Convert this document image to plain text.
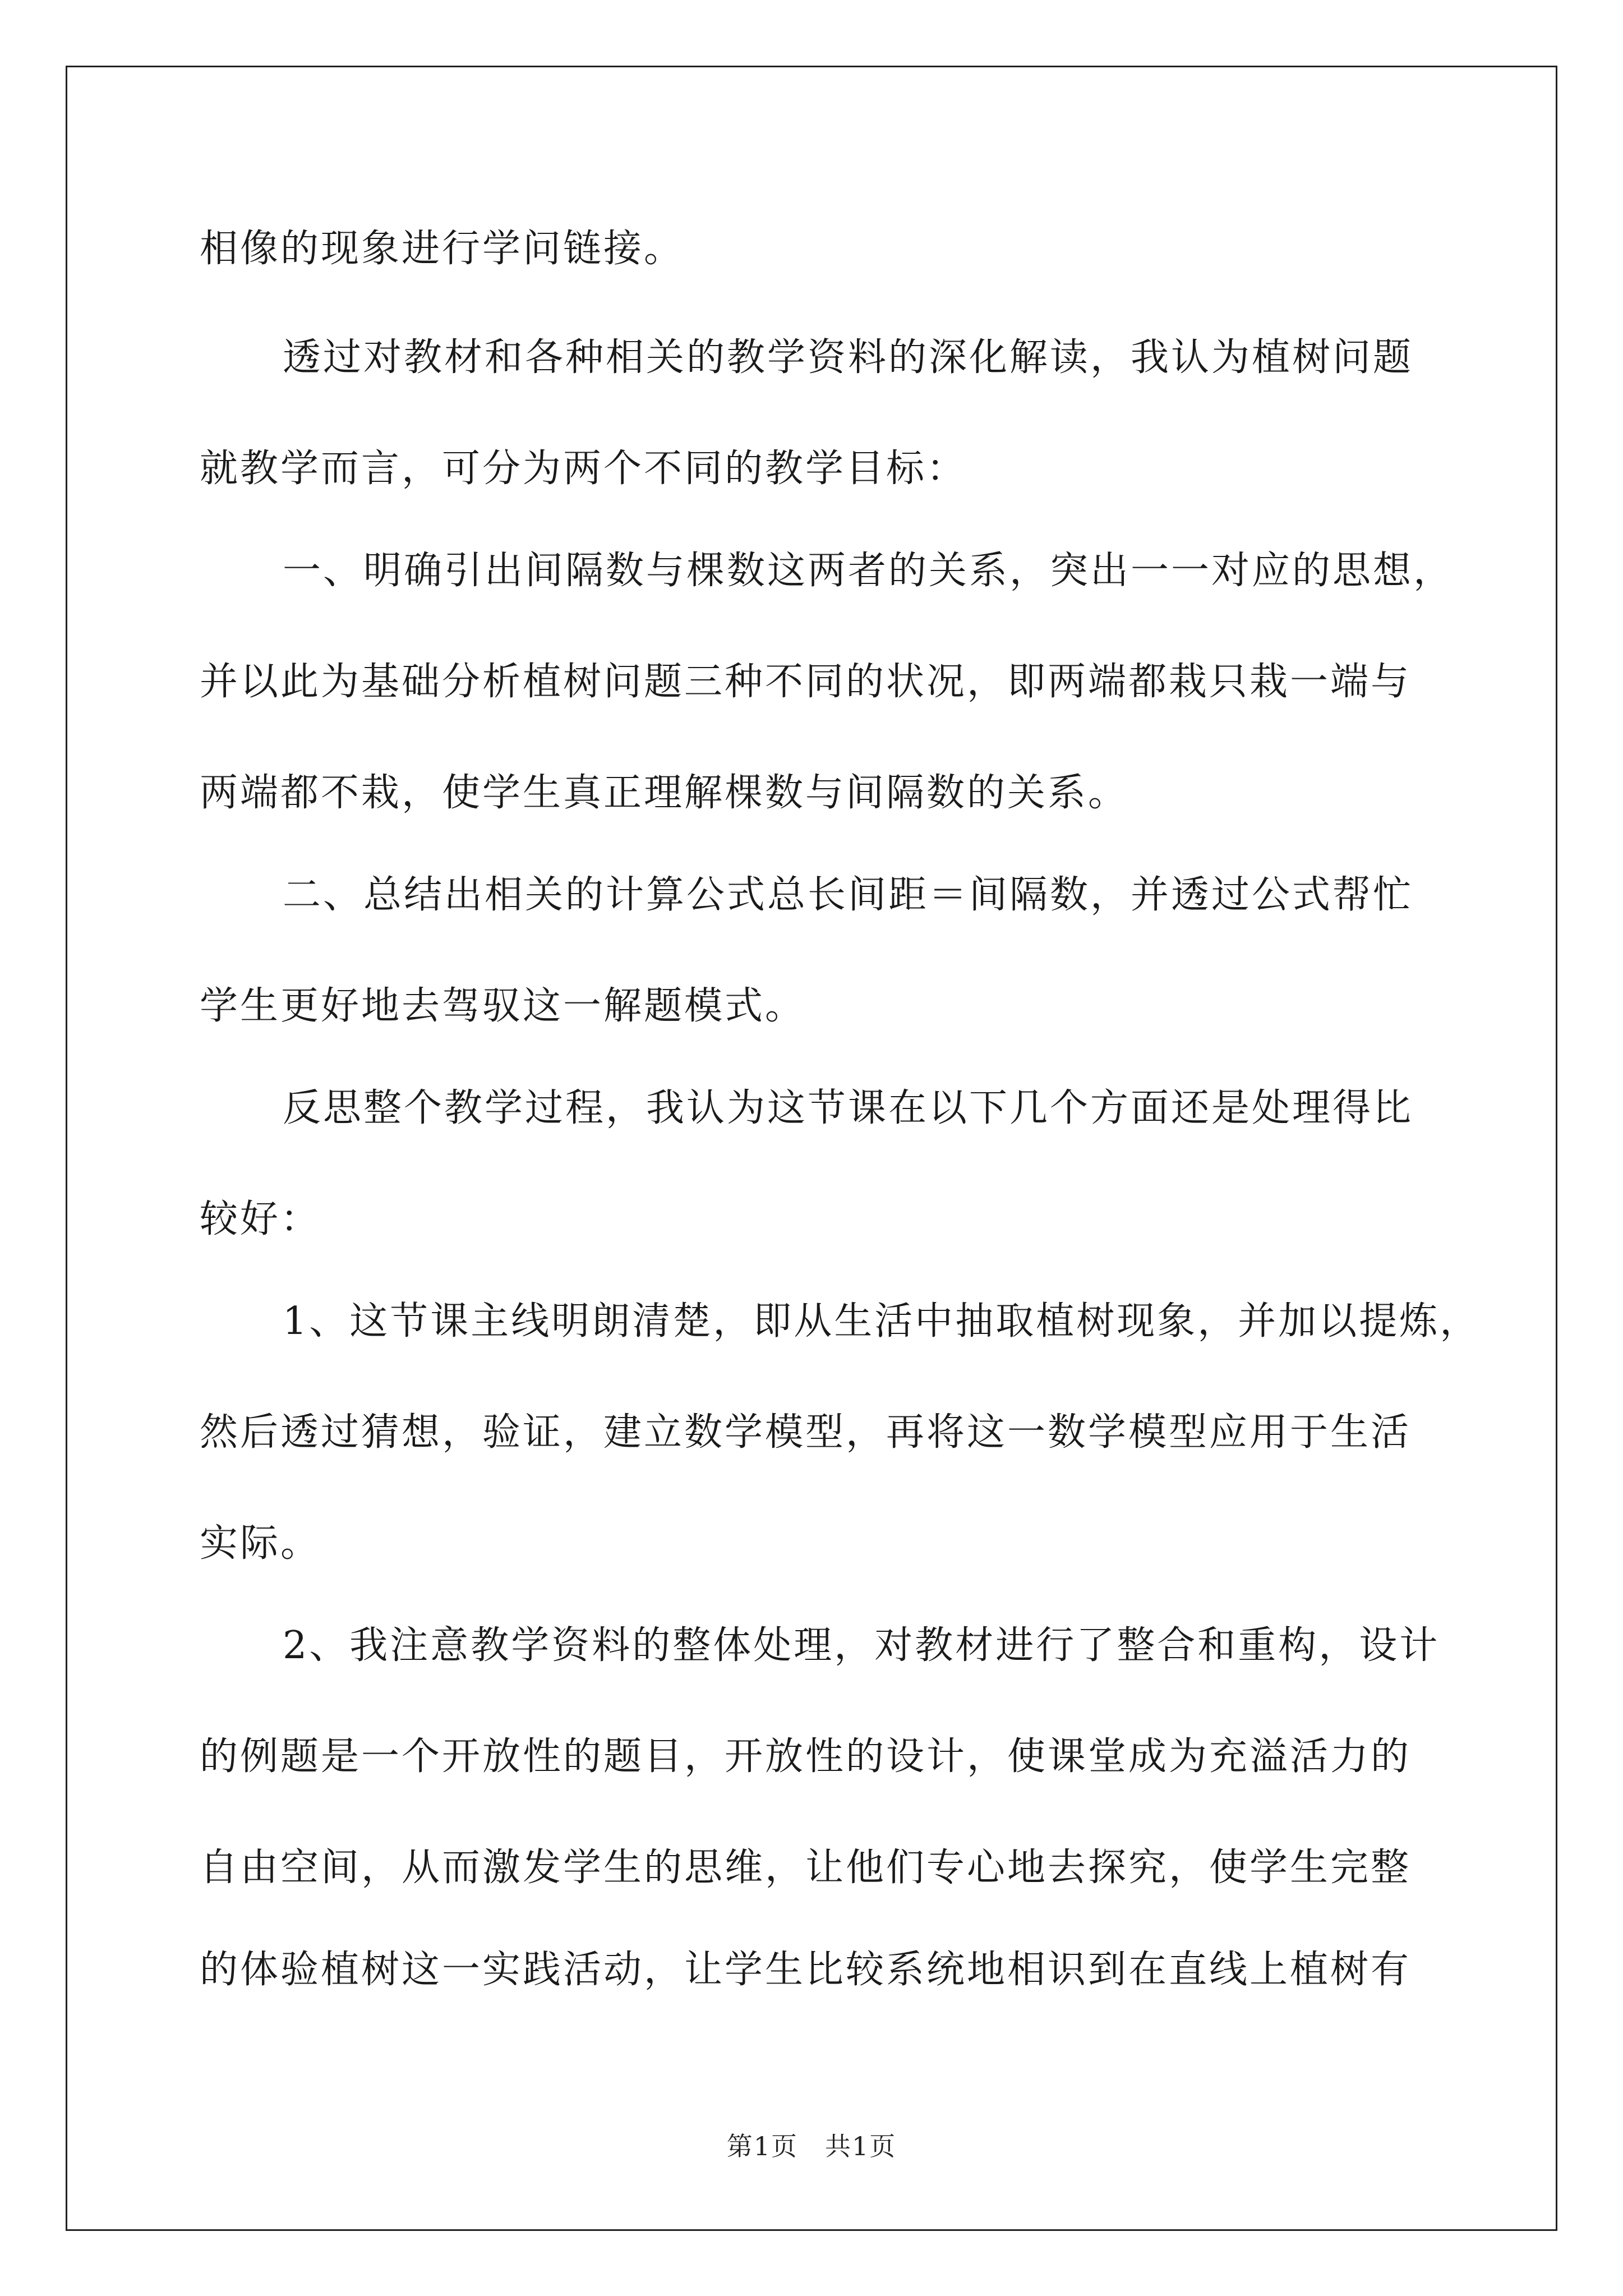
相像的现象进行学问链接。
透过对教材和各种相关的教学资料的深化解读，我认为植树问题
就教学而言，可分为两个不同的教学目标：
一、明确引出间隔数与棵数这两者的关系，突出一一对应的思想，
并以此为基础分析植树问题三种不同的状况，即两端都栽只栽一端与
两端都不栽，使学生真正理解棵数与间隔数的关系。
二、总结出相关的计算公式总长间距＝间隔数，并透过公式帮忙
学生更好地去驾驭这一解题模式。
反思整个教学过程，我认为这节课在以下几个方面还是处理得比
较好：
1、这节课主线明朗清楚，即从生活中抽取植树现象，并加以提炼，
然后透过猜想，验证，建立数学模型，再将这一数学模型应用于生活
实际。
2、我注意教学资料的整体处理，对教材进行了整合和重构，设计
的例题是一个开放性的题目，开放性的设计，使课堂成为充溢活力的
自由空间，从而激发学生的思维，让他们专心地去探究，使学生完整
的体验植树这一实践活动，让学生比较系统地相识到在直线上植树有
第1页　共1页
